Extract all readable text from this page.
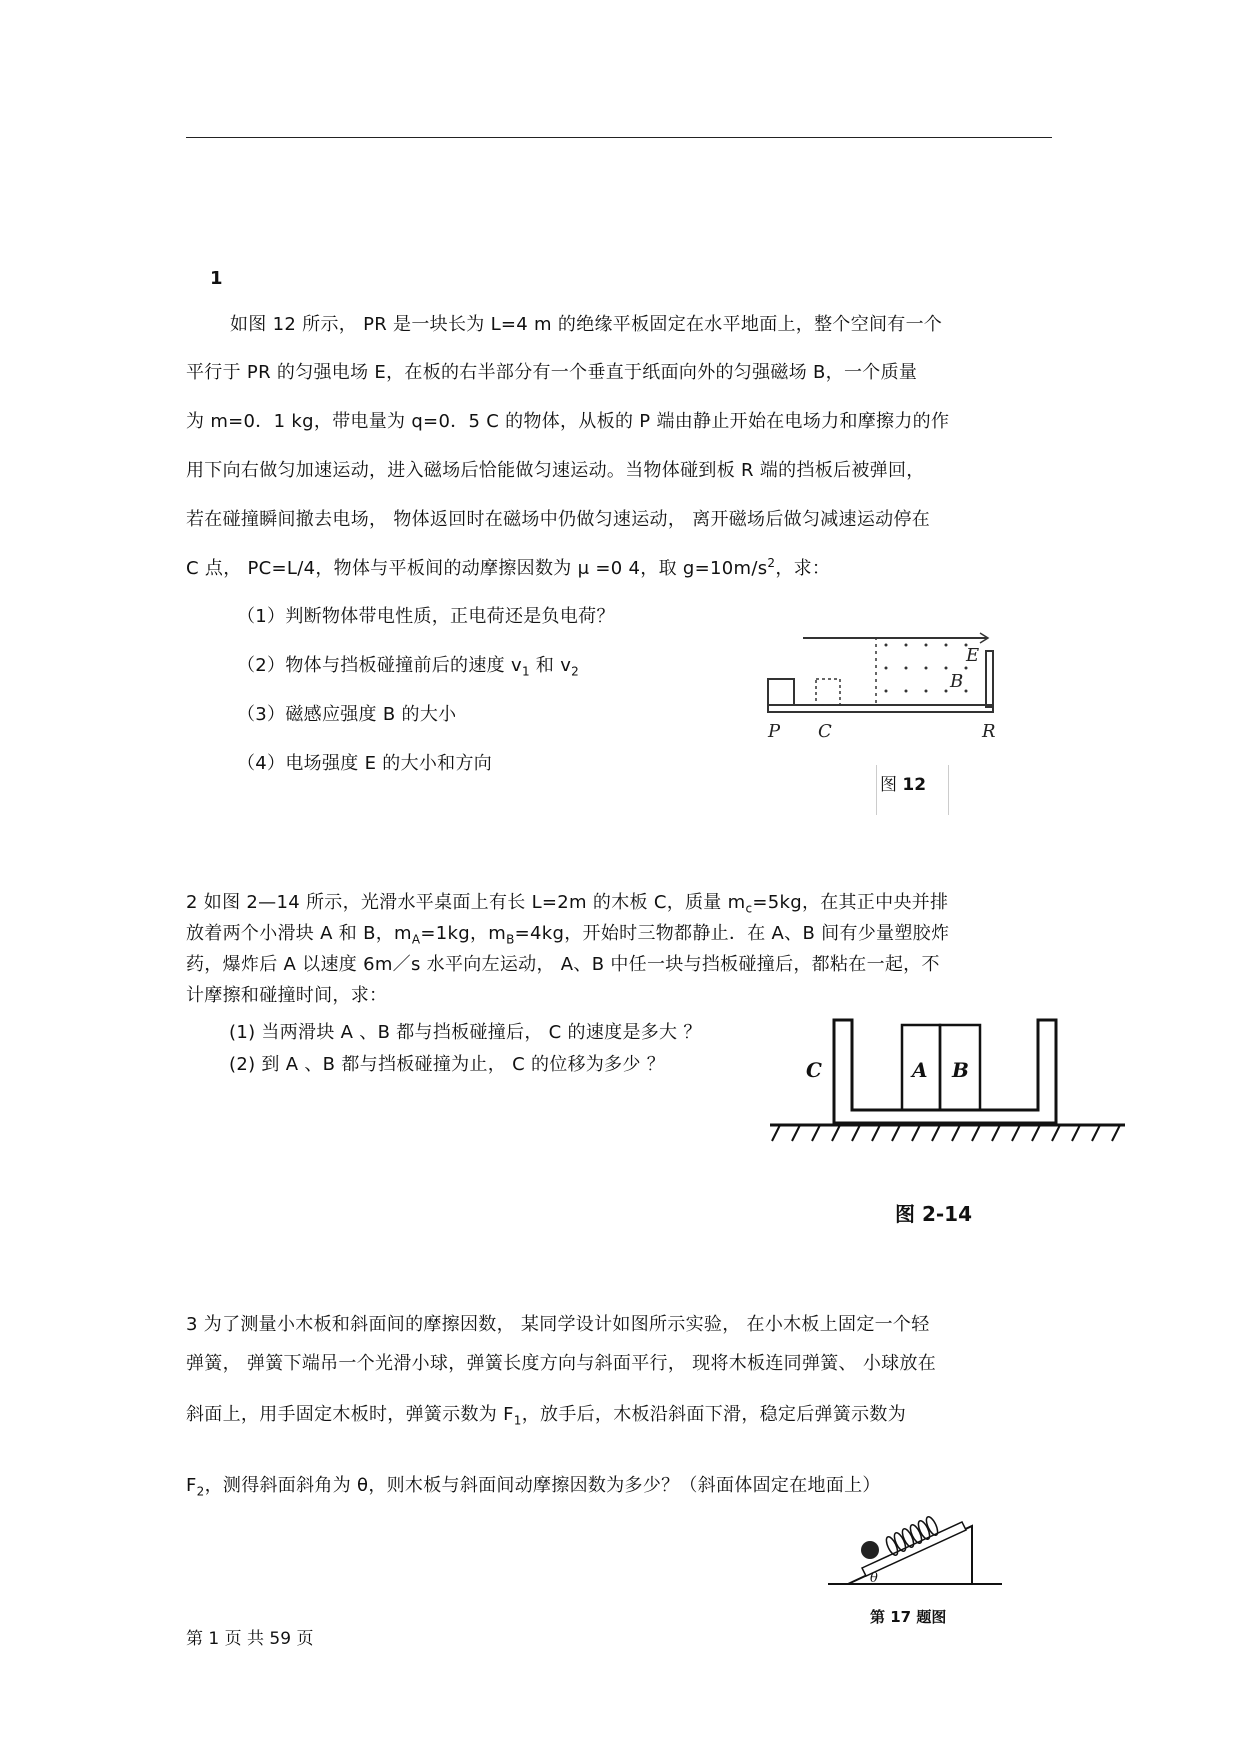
1
如图 12 所示， PR 是一块长为 L=4 m 的绝缘平板固定在水平地面上，整个空间有一个
平行于 PR 的匀强电场 E，在板的右半部分有一个垂直于纸面向外的匀强磁场 B，一个质量
为 m=0．1 kg，带电量为 q=0．5 C 的物体，从板的 P 端由静止开始在电场力和摩擦力的作
用下向右做匀加速运动，进入磁场后恰能做匀速运动。当物体碰到板 R 端的挡板后被弹回，
若在碰撞瞬间撤去电场， 物体返回时在磁场中仍做匀速运动， 离开磁场后做匀减速运动停在
C 点， PC=L/4，物体与平板间的动摩擦因数为 μ =0 4，取 $g=10m/s^2$，求：
（1）判断物体带电性质，正电荷还是负电荷？
（2）物体与挡板碰撞前后的速度 $v_1$ 和 $v_2$
（3）磁感应强度 B 的大小
（4）电场强度 E 的大小和方向
E
B
P C	R
图 12
2 如图 2—14 所示，光滑水平桌面上有长 L=2m 的木板 C，质量 $m_c=5kg$，在其正中央并排
放着两个小滑块 A 和 B，$m_A=1kg$，$m_B=4kg$，开始时三物都静止．在 A、B 间有少量塑胶炸
药，爆炸后 A 以速度 6m／s 水平向左运动， A、B 中任一块与挡板碰撞后，都粘在一起，不
计摩擦和碰撞时间，求：
(1) 当两滑块 A 、B 都与挡板碰撞后， C 的速度是多大 ？
(2) 到 A 、B 都与挡板碰撞为止， C 的位移为多少 ？	C	A B
图 2-14
3 为了测量小木板和斜面间的摩擦因数， 某同学设计如图所示实验， 在小木板上固定一个轻
弹簧， 弹簧下端吊一个光滑小球，弹簧长度方向与斜面平行， 现将木板连同弹簧、 小球放在
斜面上，用手固定木板时，弹簧示数为 $F_1$，放手后，木板沿斜面下滑，稳定后弹簧示数为
$F_2$，测得斜面斜角为 θ，则木板与斜面间动摩擦因数为多少？（斜面体固定在地面上）
θ
第 17 题图
第 1 页 共 59 页
